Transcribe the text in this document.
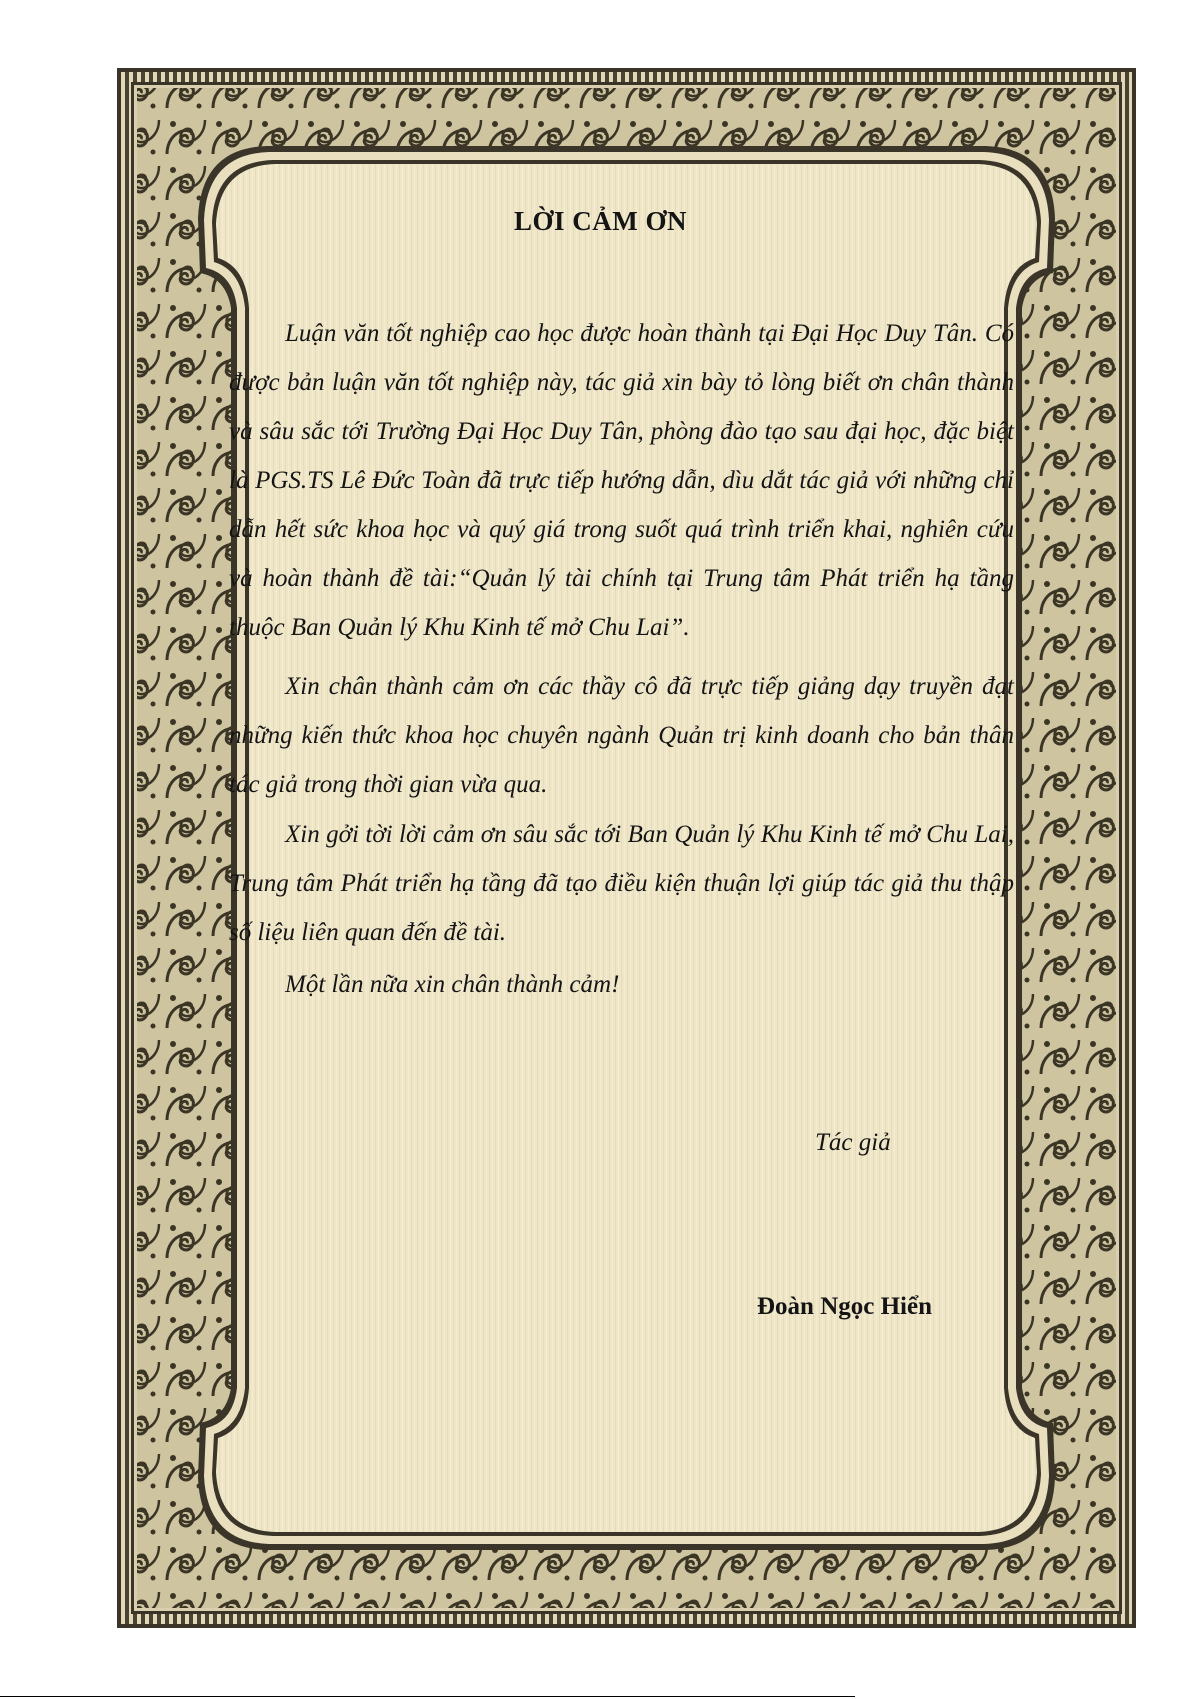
LỜI CẢM ƠN

Luận văn tốt nghiệp cao học được hoàn thành tại Đại Học Duy Tân. Có được bản luận văn tốt nghiệp này, tác giả xin bày tỏ lòng biết ơn chân thành và sâu sắc tới Trường Đại Học Duy Tân, phòng đào tạo sau đại học, đặc biệt là PGS.TS Lê Đức Toàn đã trực tiếp hướng dẫn, dìu dắt tác giả với những chỉ dẫn hết sức khoa học và quý giá trong suốt quá trình triển khai, nghiên cứu và hoàn thành đề tài:“Quản lý tài chính tại Trung tâm Phát triển hạ tầng thuộc Ban Quản lý Khu Kinh tế mở Chu Lai”.

Xin chân thành cảm ơn các thầy cô đã trực tiếp giảng dạy truyền đạt những kiến thức khoa học chuyên ngành Quản trị kinh doanh cho bản thân tác giả trong thời gian vừa qua.

Xin gởi tời lời cảm ơn sâu sắc tới Ban Quản lý Khu Kinh tế mở Chu Lai, Trung tâm Phát triển hạ tầng đã tạo điều kiện thuận lợi giúp tác giả thu thập số liệu liên quan đến đề tài.

Một lần nữa xin chân thành cảm!

Tác giả
Đoàn Ngọc Hiển
